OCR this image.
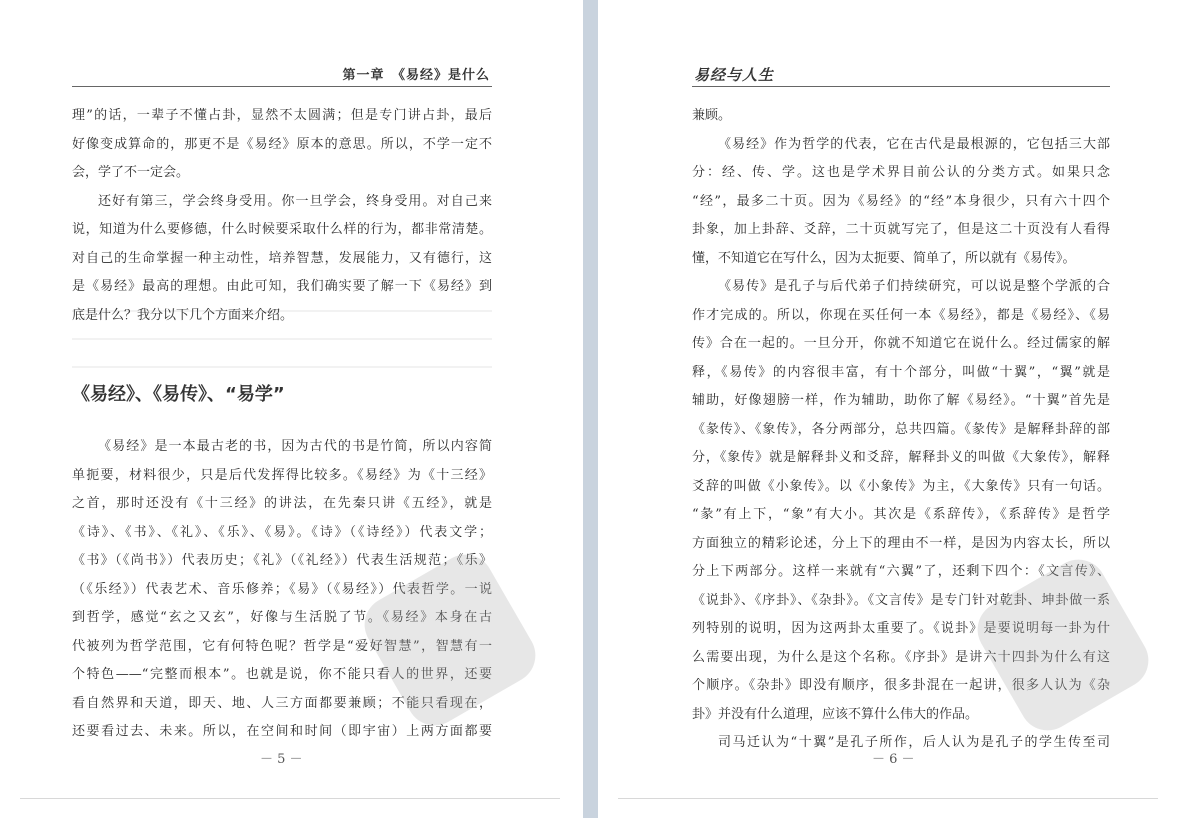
第一章　《易经》是什么
理”的话，一辈子不懂占卦，显然不太圆满；但是专门讲占卦，最后
好像变成算命的，那更不是《易经》原本的意思。所以，不学一定不
会，学了不一定会。
还好有第三，学会终身受用。你一旦学会，终身受用。对自己来
说，知道为什么要修德，什么时候要采取什么样的行为，都非常清楚。
对自己的生命掌握一种主动性，培养智慧，发展能力，又有德行，这
是《易经》最高的理想。由此可知，我们确实要了解一下《易经》到
底是什么？我分以下几个方面来介绍。
《易经》、《易传》、“易学”
《易经》是一本最古老的书，因为古代的书是竹简，所以内容简
单扼要，材料很少，只是后代发挥得比较多。《易经》为《十三经》
之首，那时还没有《十三经》的讲法，在先秦只讲《五经》，就是
《诗》、《书》、《礼》、《乐》、《易》。《诗》（《诗经》）代表文学；
《书》（《尚书》）代表历史；《礼》（《礼经》）代表生活规范；《乐》
（《乐经》）代表艺术、音乐修养；《易》（《易经》）代表哲学。一说
到哲学，感觉“玄之又玄”，好像与生活脱了节。《易经》本身在古
代被列为哲学范围，它有何特色呢？哲学是“爱好智慧”，智慧有一
个特色——“完整而根本”。也就是说，你不能只看人的世界，还要
看自然界和天道，即天、地、人三方面都要兼顾；不能只看现在，
还要看过去、未来。所以，在空间和时间（即宇宙）上两方面都要
－ 5 －
易经与人生
兼顾。
《易经》作为哲学的代表，它在古代是最根源的，它包括三大部
分：经、传、学。这也是学术界目前公认的分类方式。如果只念
“经”，最多二十页。因为《易经》的“经”本身很少，只有六十四个
卦象，加上卦辞、爻辞，二十页就写完了，但是这二十页没有人看得
懂，不知道它在写什么，因为太扼要、简单了，所以就有《易传》。
《易传》是孔子与后代弟子们持续研究，可以说是整个学派的合
作才完成的。所以，你现在买任何一本《易经》，都是《易经》、《易
传》合在一起的。一旦分开，你就不知道它在说什么。经过儒家的解
释，《易传》的内容很丰富，有十个部分，叫做“十翼”，“翼”就是
辅助，好像翅膀一样，作为辅助，助你了解《易经》。“十翼”首先是
《彖传》、《象传》，各分两部分，总共四篇。《彖传》是解释卦辞的部
分，《象传》就是解释卦义和爻辞，解释卦义的叫做《大象传》，解释
爻辞的叫做《小象传》。以《小象传》为主，《大象传》只有一句话。
“彖”有上下，“象”有大小。其次是《系辞传》，《系辞传》是哲学
方面独立的精彩论述，分上下的理由不一样，是因为内容太长，所以
分上下两部分。这样一来就有“六翼”了，还剩下四个：《文言传》、
《说卦》、《序卦》、《杂卦》。《文言传》是专门针对乾卦、坤卦做一系
列特别的说明，因为这两卦太重要了。《说卦》是要说明每一卦为什
么需要出现，为什么是这个名称。《序卦》是讲六十四卦为什么有这
个顺序。《杂卦》即没有顺序，很多卦混在一起讲，很多人认为《杂
卦》并没有什么道理，应该不算什么伟大的作品。
司马迁认为“十翼”是孔子所作，后人认为是孔子的学生传至司
－ 6 －
